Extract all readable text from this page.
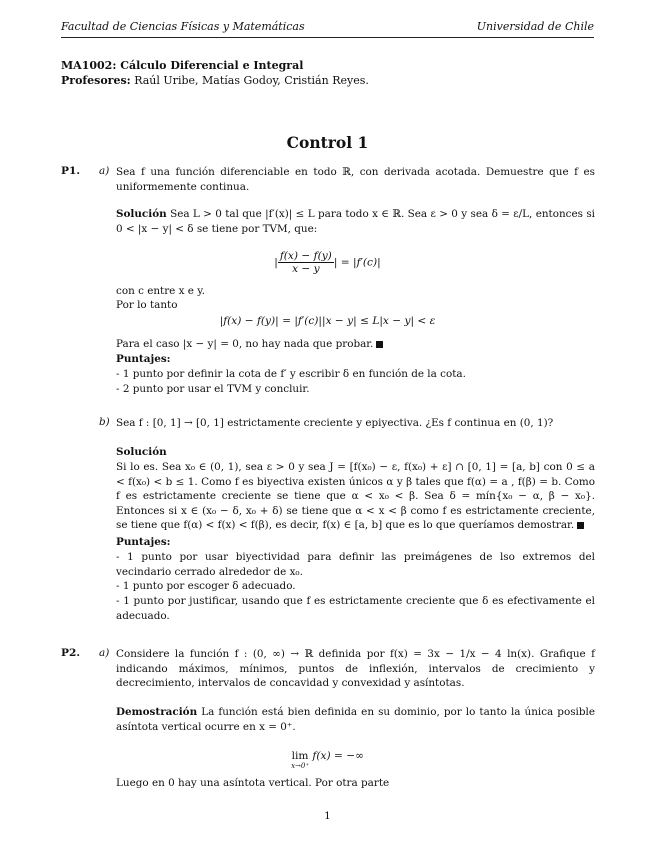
Facultad de Ciencias Físicas y Matemáticas	Universidad de Chile
MA1002: Cálculo Diferencial e Integral
Profesores: Raúl Uribe, Matías Godoy, Cristián Reyes.
Control 1
P1. a) Sea f una función diferenciable en todo ℝ, con derivada acotada. Demuestre que f es uniformemente continua.
Solución Sea L > 0 tal que |f′(x)| ≤ L para todo x ∈ ℝ. Sea ε > 0 y sea δ = ε/L, entonces si 0 < |x − y| < δ se tiene por TVM, que:
| $\frac{f(x) - f(y)}{x - y}$ | = |f′(c)|
con c entre x e y.
Por lo tanto
|f(x) − f(y)| = |f′(c)||x − y| ≤ L|x − y| < ε
Para el caso |x − y| = 0, no hay nada que probar.
Puntajes:
- 1 punto por definir la cota de f′ y escribir δ en función de la cota.
- 2 punto por usar el TVM y concluir.
b) Sea f : [0, 1] → [0, 1] estrictamente creciente y epiyectiva. ¿Es f continua en (0, 1)?
Solución
Si lo es. Sea x₀ ∈ (0, 1), sea ε > 0 y sea J = [f(x₀) − ε, f(x₀) + ε] ∩ [0, 1] = [a, b] con 0 ≤ a < f(x₀) < b ≤ 1. Como f es biyectiva existen únicos α y β tales que f(α) = a , f(β) = b. Como f es estrictamente creciente se tiene que α < x₀ < β. Sea δ = mín{x₀ − α, β − x₀}. Entonces si x ∈ (x₀ − δ, x₀ + δ) se tiene que α < x < β como f es estrictamente creciente, se tiene que f(α) < f(x) < f(β), es decir, f(x) ∈ [a, b] que es lo que queríamos demostrar.
Puntajes:
- 1 punto por usar biyectividad para definir las preimágenes de lso extremos del vecindario cerrado alrededor de x₀.
- 1 punto por escoger δ adecuado.
- 1 punto por justificar, usando que f es estrictamente creciente que δ es efectivamente el adecuado.
P2. a) Considere la función f : (0, ∞) → ℝ definida por f(x) = 3x − 1/x − 4 ln(x). Grafique f indicando máximos, mínimos, puntos de inflexión, intervalos de crecimiento y decrecimiento, intervalos de concavidad y convexidad y asíntotas.
Demostración La función está bien definida en su dominio, por lo tanto la única posible asíntota vertical ocurre en x = 0⁺.
lim
x→0⁺
f(x) = −∞
Luego en 0 hay una asíntota vertical. Por otra parte
1
